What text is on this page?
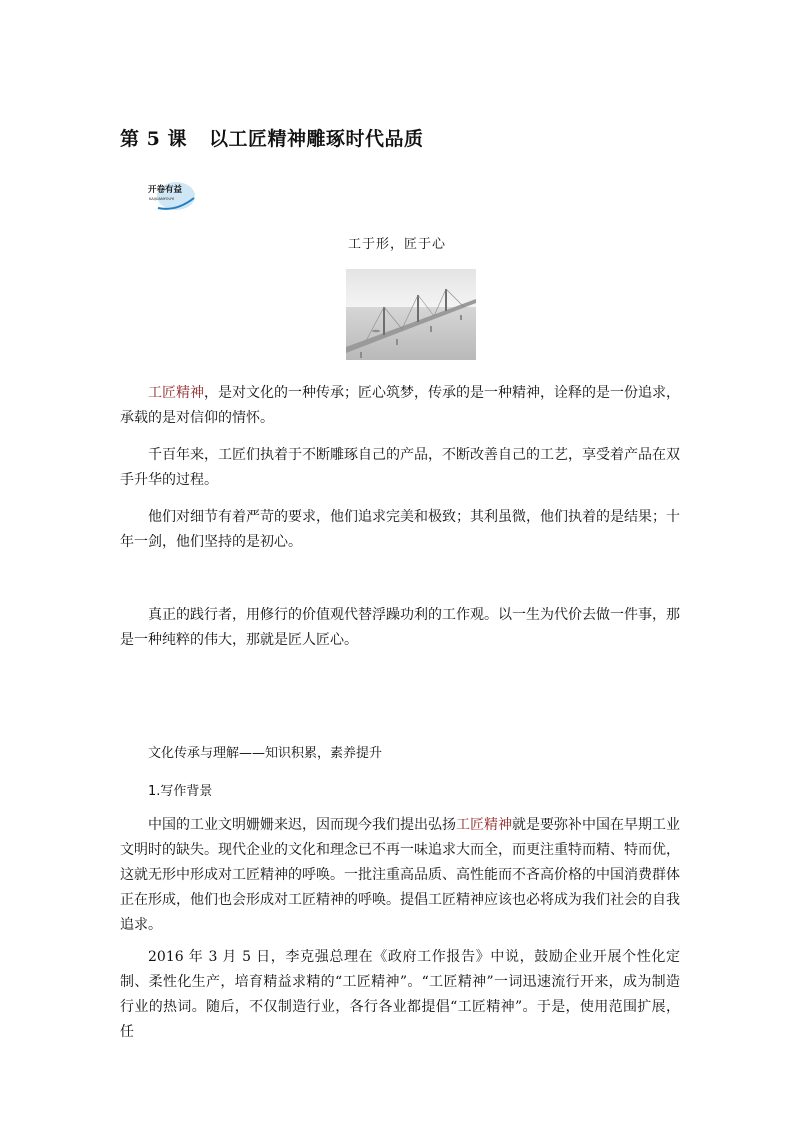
第 5 课 以工匠精神雕琢时代品质
开卷有益
KAIJUANYOUYI
工于形，匠于心

工匠精神，是对文化的一种传承；匠心筑梦，传承的是一种精神，诠释的是一份追求，承载的是对信仰的情怀。

千百年来，工匠们执着于不断雕琢自己的产品，不断改善自己的工艺，享受着产品在双手升华的过程。

他们对细节有着严苛的要求，他们追求完美和极致；其利虽微，他们执着的是结果；十年一剑，他们坚持的是初心。

真正的践行者，用修行的价值观代替浮躁功利的工作观。以一生为代价去做一件事，那是一种纯粹的伟大，那就是匠人匠心。

文化传承与理解——知识积累，素养提升
1.写作背景

中国的工业文明姗姗来迟，因而现今我们提出弘扬工匠精神就是要弥补中国在早期工业文明时的缺失。现代企业的文化和理念已不再一味追求大而全，而更注重特而精、特而优，这就无形中形成对工匠精神的呼唤。一批注重高品质、高性能而不吝高价格的中国消费群体正在形成，他们也会形成对工匠精神的呼唤。提倡工匠精神应该也必将成为我们社会的自我追求。

2016 年 3 月 5 日，李克强总理在《政府工作报告》中说，鼓励企业开展个性化定制、柔性化生产，培育精益求精的“工匠精神”。“工匠精神”一词迅速流行开来，成为制造行业的热词。随后，不仅制造行业，各行各业都提倡“工匠精神”。于是，使用范围扩展，任
